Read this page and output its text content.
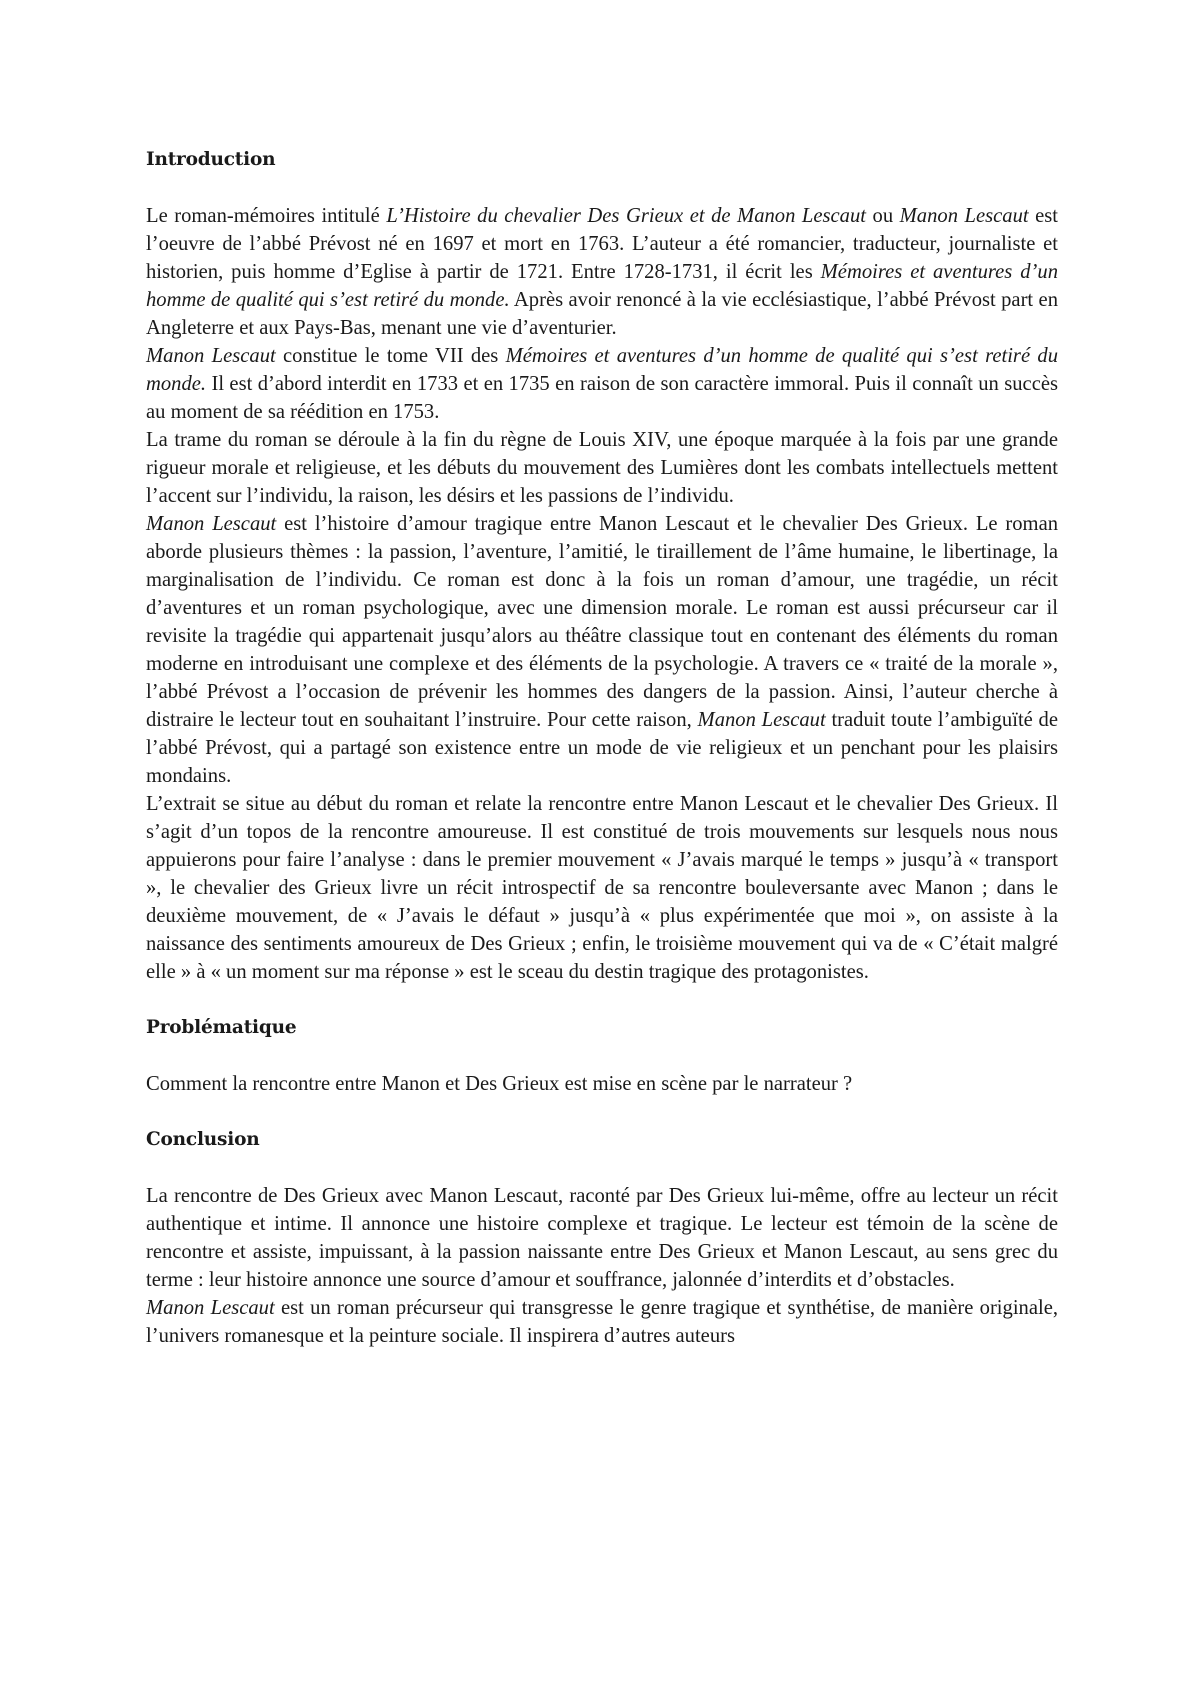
Introduction

Le roman-mémoires intitulé L’Histoire du chevalier Des Grieux et de Manon Lescaut ou Manon Lescaut est l’oeuvre de l’abbé Prévost né en 1697 et mort en 1763. L’auteur a été romancier, traducteur, journaliste et historien, puis homme d’Eglise à partir de 1721. Entre 1728-1731, il écrit les Mémoires et aventures d’un homme de qualité qui s’est retiré du monde. Après avoir renoncé à la vie ecclésiastique, l’abbé Prévost part en Angleterre et aux Pays-Bas, menant une vie d’aventurier.

Manon Lescaut constitue le tome VII des Mémoires et aventures d’un homme de qualité qui s’est retiré du monde. Il est d’abord interdit en 1733 et en 1735 en raison de son caractère immoral. Puis il connaît un succès au moment de sa réédition en 1753.

La trame du roman se déroule à la fin du règne de Louis XIV, une époque marquée à la fois par une grande rigueur morale et religieuse, et les débuts du mouvement des Lumières dont les combats intellectuels mettent l’accent sur l’individu, la raison, les désirs et les passions de l’individu.

Manon Lescaut est l’histoire d’amour tragique entre Manon Lescaut et le chevalier Des Grieux. Le roman aborde plusieurs thèmes : la passion, l’aventure, l’amitié, le tiraillement de l’âme humaine, le libertinage, la marginalisation de l’individu. Ce roman est donc à la fois un roman d’amour, une tragédie, un récit d’aventures et un roman psychologique, avec une dimension morale. Le roman est aussi précurseur car il revisite la tragédie qui appartenait jusqu’alors au théâtre classique tout en contenant des éléments du roman moderne en introduisant une complexe et des éléments de la psychologie. A travers ce « traité de la morale », l’abbé Prévost a l’occasion de prévenir les hommes des dangers de la passion. Ainsi, l’auteur cherche à distraire le lecteur tout en souhaitant l’instruire. Pour cette raison, Manon Lescaut traduit toute l’ambiguïté de l’abbé Prévost, qui a partagé son existence entre un mode de vie religieux et un penchant pour les plaisirs mondains.

L’extrait se situe au début du roman et relate la rencontre entre Manon Lescaut et le chevalier Des Grieux. Il s’agit d’un topos de la rencontre amoureuse. Il est constitué de trois mouvements sur lesquels nous nous appuierons pour faire l’analyse : dans le premier mouvement « J’avais marqué le temps » jusqu’à « transport », le chevalier des Grieux livre un récit introspectif de sa rencontre bouleversante avec Manon ; dans le deuxième mouvement, de « J’avais le défaut » jusqu’à « plus expérimentée que moi », on assiste à la naissance des sentiments amoureux de Des Grieux ; enfin, le troisième mouvement qui va de « C’était malgré elle » à « un moment sur ma réponse » est le sceau du destin tragique des protagonistes.

Problématique

Comment la rencontre entre Manon et Des Grieux est mise en scène par le narrateur ?

Conclusion

La rencontre de Des Grieux avec Manon Lescaut, raconté par Des Grieux lui-même, offre au lecteur un récit authentique et intime. Il annonce une histoire complexe et tragique. Le lecteur est témoin de la scène de rencontre et assiste, impuissant, à la passion naissante entre Des Grieux et Manon Lescaut, au sens grec du terme : leur histoire annonce une source d’amour et souffrance, jalonnée d’interdits et d’obstacles.

Manon Lescaut est un roman précurseur qui transgresse le genre tragique et synthétise, de manière originale, l’univers romanesque et la peinture sociale. Il inspirera d’autres auteurs
